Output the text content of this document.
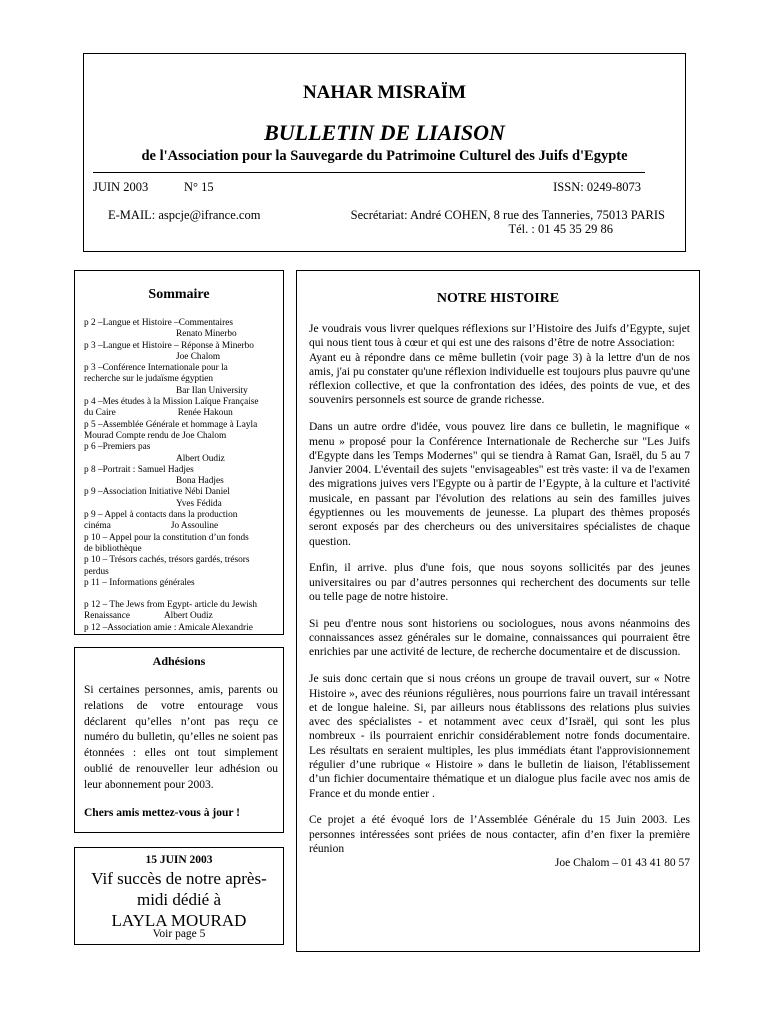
NAHAR MISRAÏM
BULLETIN DE LIAISON
de l'Association pour la Sauvegarde du Patrimoine Culturel des Juifs d'Egypte
JUIN 2003	N° 15	ISSN: 0249-8073
E-MAIL: aspcje@ifrance.com	Secrétariat: André COHEN, 8 rue des Tanneries, 75013 PARIS
Tél. : 01 45 35 29 86
Sommaire
p 2 –Langue et Histoire –Commentaires
Renato Minerbo
p 3 –Langue et Histoire – Réponse à Minerbo
Joe Chalom
p 3 –Conférence Internationale pour la
recherche sur le judaïsme égyptien
Bar Ilan University
p 4 –Mes études à la Mission Laïque Française
du Caire	Renée Hakoun
p 5 –Assemblée Générale et hommage à Layla
Mourad Compte rendu de Joe Chalom
p 6 –Premiers pas
Albert Oudiz
p 8 –Portrait : Samuel Hadjes
Bona Hadjes
p 9 –Association Initiative Nébi Daniel
Yves Fédida
p 9 – Appel à contacts dans la production
cinéma	Jo Assouline
p 10 – Appel pour la constitution d’un fonds
de bibliothèque
p 10 – Trésors cachés, trésors gardés, trésors
perdus
p 11 – Informations générales
p 12 – The Jews from Egypt- article du Jewish
Renaissance	Albert Oudiz
p 12 –Association amie : Amicale Alexandrie
Adhésions
Si certaines personnes, amis, parents ou relations de votre entourage vous déclarent qu’elles n’ont pas reçu ce numéro du bulletin, qu’elles ne soient pas étonnées : elles ont tout simplement oublié de renouveller leur adhésion ou leur abonnement pour 2003.
Chers amis mettez-vous à jour !
15 JUIN 2003
Vif succès de notre après-
midi dédié à
LAYLA MOURAD
Voir page 5
NOTRE HISTOIRE

Je voudrais vous livrer quelques réflexions sur l’Histoire des Juifs d’Egypte, sujet qui nous tient tous à cœur et qui est une des raisons d’être de notre Association:

Ayant eu à répondre dans ce même bulletin (voir page 3) à la lettre d'un de nos amis, j'ai pu constater qu'une réflexion individuelle est toujours plus pauvre qu'une réflexion collective, et que la confrontation des idées, des points de vue, et des souvenirs personnels est source de grande richesse.

Dans un autre ordre d'idée, vous pouvez lire dans ce bulletin, le magnifique « menu » proposé pour la Conférence Internationale de Recherche sur "Les Juifs d'Egypte dans les Temps Modernes" qui se tiendra à Ramat Gan, Israël, du 5 au 7 Janvier 2004. L'éventail des sujets "envisageables" est très vaste: il va de l'examen des migrations juives vers l'Egypte ou à partir de l’Egypte, à la culture et l'activité musicale, en passant par l'évolution des relations au sein des familles juives égyptiennes ou les mouvements de jeunesse. La plupart des thèmes proposés seront exposés par des chercheurs ou des universitaires spécialistes de chaque question.

Enfin, il arrive. plus d'une fois, que nous soyons sollicités par des jeunes universitaires ou par d’autres personnes qui recherchent des documents sur telle ou telle page de notre histoire.

Si peu d'entre nous sont historiens ou sociologues, nous avons néanmoins des connaissances assez générales sur le domaine, connaissances qui pourraient être enrichies par une activité de lecture, de recherche documentaire et de discussion.

Je suis donc certain que si nous créons un groupe de travail ouvert, sur « Notre Histoire », avec des réunions régulières, nous pourrions faire un travail intéressant et de longue haleine. Si, par ailleurs nous établissons des relations plus suivies avec des spécialistes - et notamment avec ceux d’Israël, qui sont les plus nombreux - ils pourraient enrichir considérablement notre fonds documentaire. Les résultats en seraient multiples, les plus immédiats étant l'approvisionnement régulier d’une rubrique « Histoire » dans le bulletin de liaison, l'établissement d’un fichier documentaire thématique et un dialogue plus facile avec nos amis de France et du monde entier .

Ce projet a été évoqué lors de l’Assemblée Générale du 15 Juin 2003. Les personnes intéressées sont priées de nous contacter, afin d’en fixer la première réunion

Joe Chalom – 01 43 41 80 57
